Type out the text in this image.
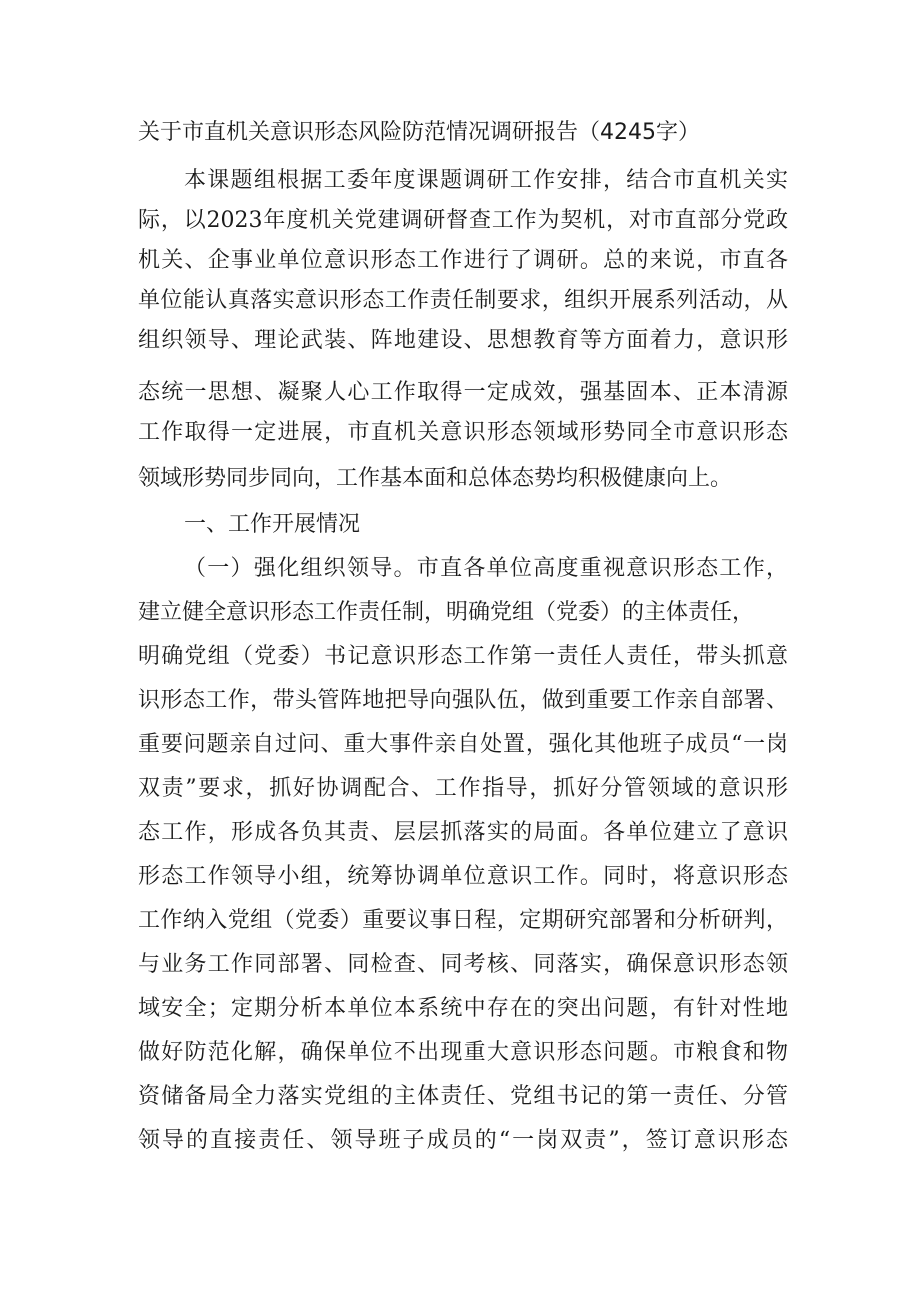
关于市直机关意识形态风险防范情况调研报告（4245字）

本课题组根据工委年度课题调研工作安排，结合市直机关实

际，以2023年度机关党建调研督查工作为契机，对市直部分党政

机关、企事业单位意识形态工作进行了调研。总的来说，市直各

单位能认真落实意识形态工作责任制要求，组织开展系列活动，从

组织领导、理论武装、阵地建设、思想教育等方面着力，意识形

态统一思想、凝聚人心工作取得一定成效，强基固本、正本清源

工作取得一定进展，市直机关意识形态领域形势同全市意识形态

领域形势同步同向，工作基本面和总体态势均积极健康向上。

一、工作开展情况

（一）强化组织领导。市直各单位高度重视意识形态工作，

建立健全意识形态工作责任制，明确党组（党委）的主体责任，

明确党组（党委）书记意识形态工作第一责任人责任，带头抓意

识形态工作，带头管阵地把导向强队伍，做到重要工作亲自部署、

重要问题亲自过问、重大事件亲自处置，强化其他班子成员“一岗

双责”要求，抓好协调配合、工作指导，抓好分管领域的意识形

态工作，形成各负其责、层层抓落实的局面。各单位建立了意识

形态工作领导小组，统筹协调单位意识工作。同时，将意识形态

工作纳入党组（党委）重要议事日程，定期研究部署和分析研判，

与业务工作同部署、同检查、同考核、同落实，确保意识形态领

域安全；定期分析本单位本系统中存在的突出问题，有针对性地

做好防范化解，确保单位不出现重大意识形态问题。市粮食和物

资储备局全力落实党组的主体责任、党组书记的第一责任、分管

领导的直接责任、领导班子成员的“一岗双责”，签订意识形态
